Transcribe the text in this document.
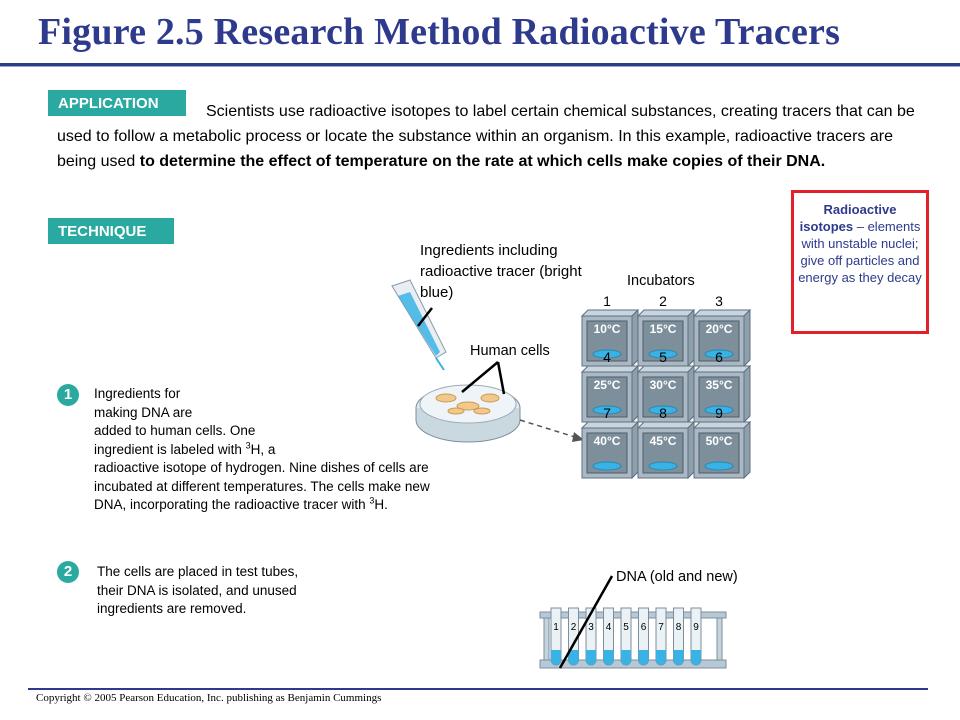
Figure 2.5 Research Method Radioactive Tracers
APPLICATION	Scientists use radioactive isotopes to label certain chemical substances, creating tracers that can be used to follow a metabolic process or locate the substance within an organism. In this example, radioactive tracers are being used to determine the effect of temperature on the rate at which cells make copies of their DNA.

TECHNIQUE
Radioactive isotopes – elements with unstable nuclei; give off particles and energy as they decay
10°C
1
15°C
2
20°C
3
25°C
4
30°C
5
35°C
6
40°C
7
45°C
8
50°C
9
1 2 3 4 5 6 7 8 9
Ingredients including radioactive tracer (bright blue)
Incubators
Human cells
DNA (old and new)
1	Ingredients for
making DNA are
added to human cells. One
ingredient is labeled with $^3$H, a
radioactive isotope of hydrogen. Nine dishes of cells are
incubated at different temperatures. The cells make new
DNA, incorporating the radioactive tracer with $^3$H.
2	The cells are placed in test tubes,
their DNA is isolated, and unused
ingredients are removed.
Copyright © 2005 Pearson Education, Inc. publishing as Benjamin Cummings
